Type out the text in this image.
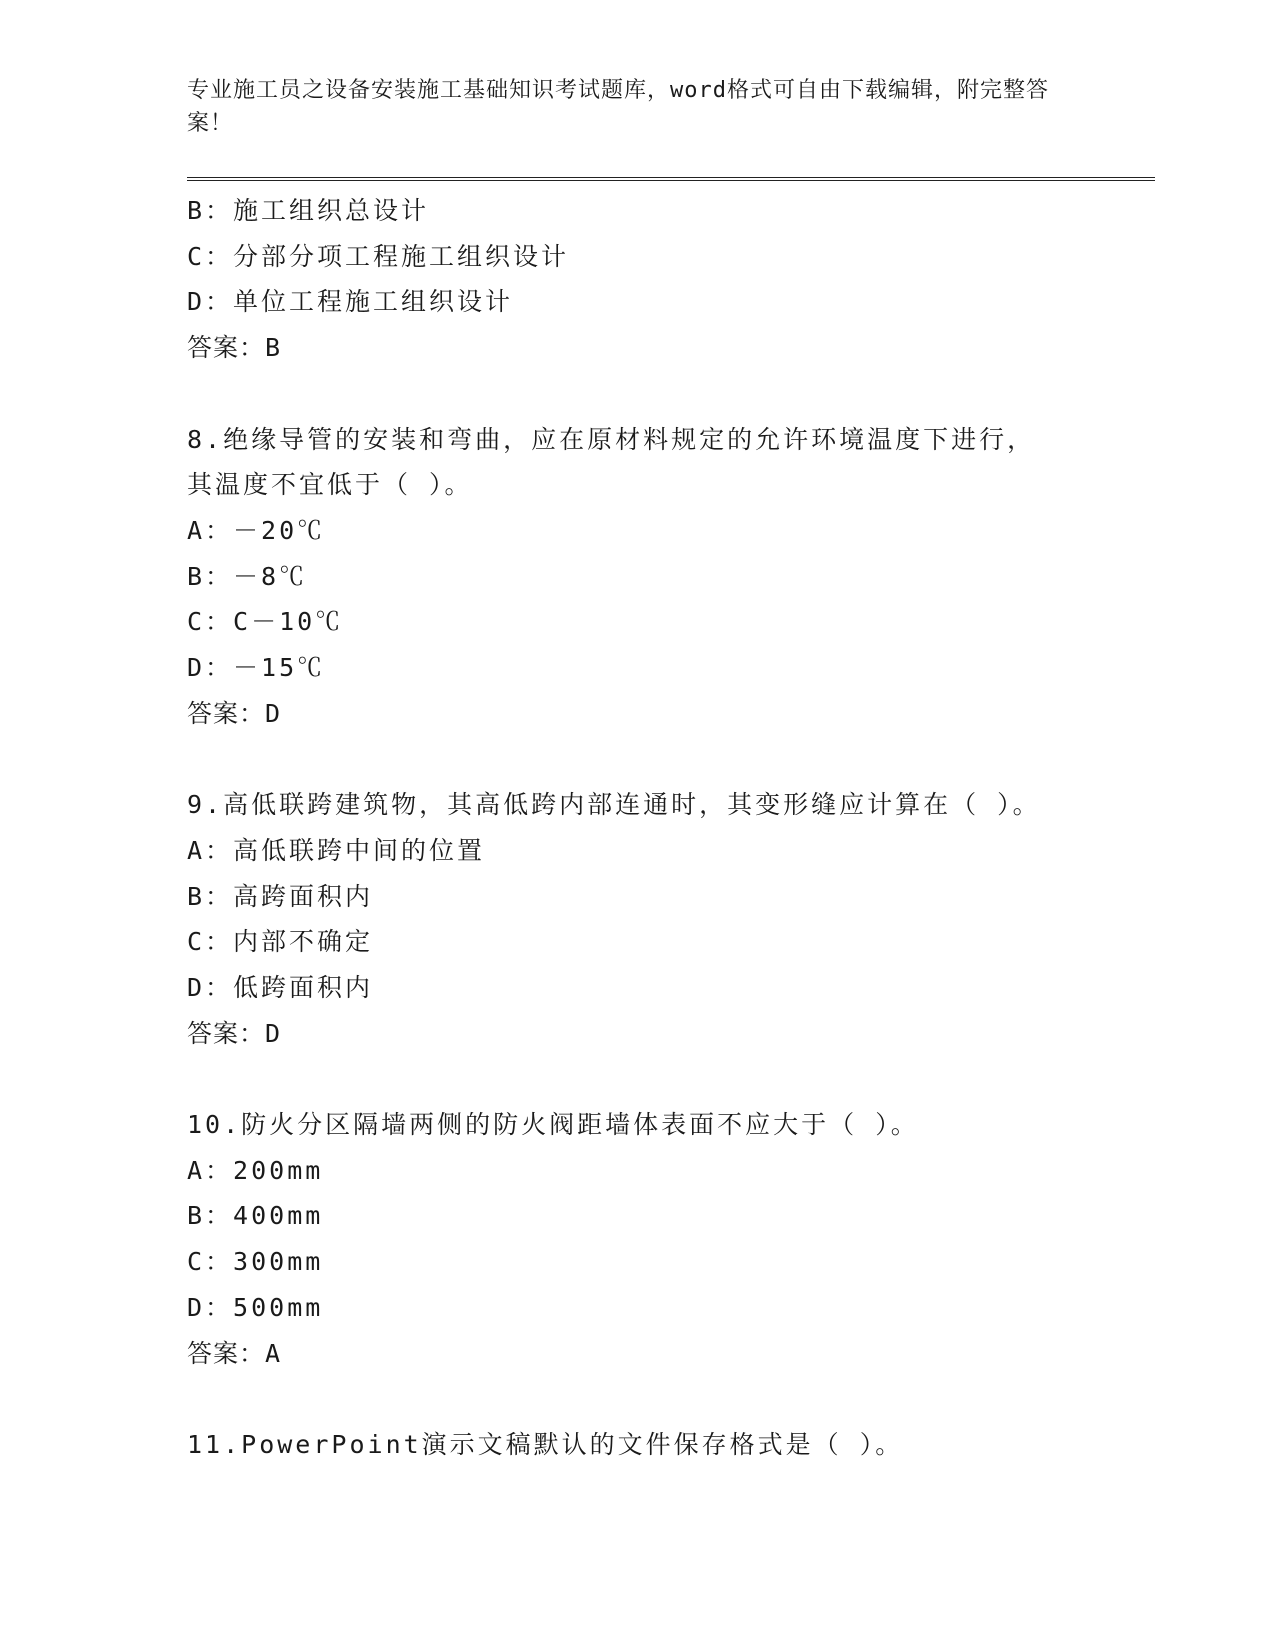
专业施工员之设备安装施工基础知识考试题库，word格式可自由下载编辑，附完整答案！
B：施工组织总设计
C：分部分项工程施工组织设计
D：单位工程施工组织设计
答案：B
8.绝缘导管的安装和弯曲，应在原材料规定的允许环境温度下进行，
其温度不宜低于（ ）。
A：－20℃
B：－8℃
C：C－10℃
D：－15℃
答案：D
9.高低联跨建筑物，其高低跨内部连通时，其变形缝应计算在（ ）。
A：高低联跨中间的位置
B：高跨面积内
C：内部不确定
D：低跨面积内
答案：D
10.防火分区隔墙两侧的防火阀距墙体表面不应大于（ ）。
A：200mm
B：400mm
C：300mm
D：500mm
答案：A
11.PowerPoint演示文稿默认的文件保存格式是（ ）。
